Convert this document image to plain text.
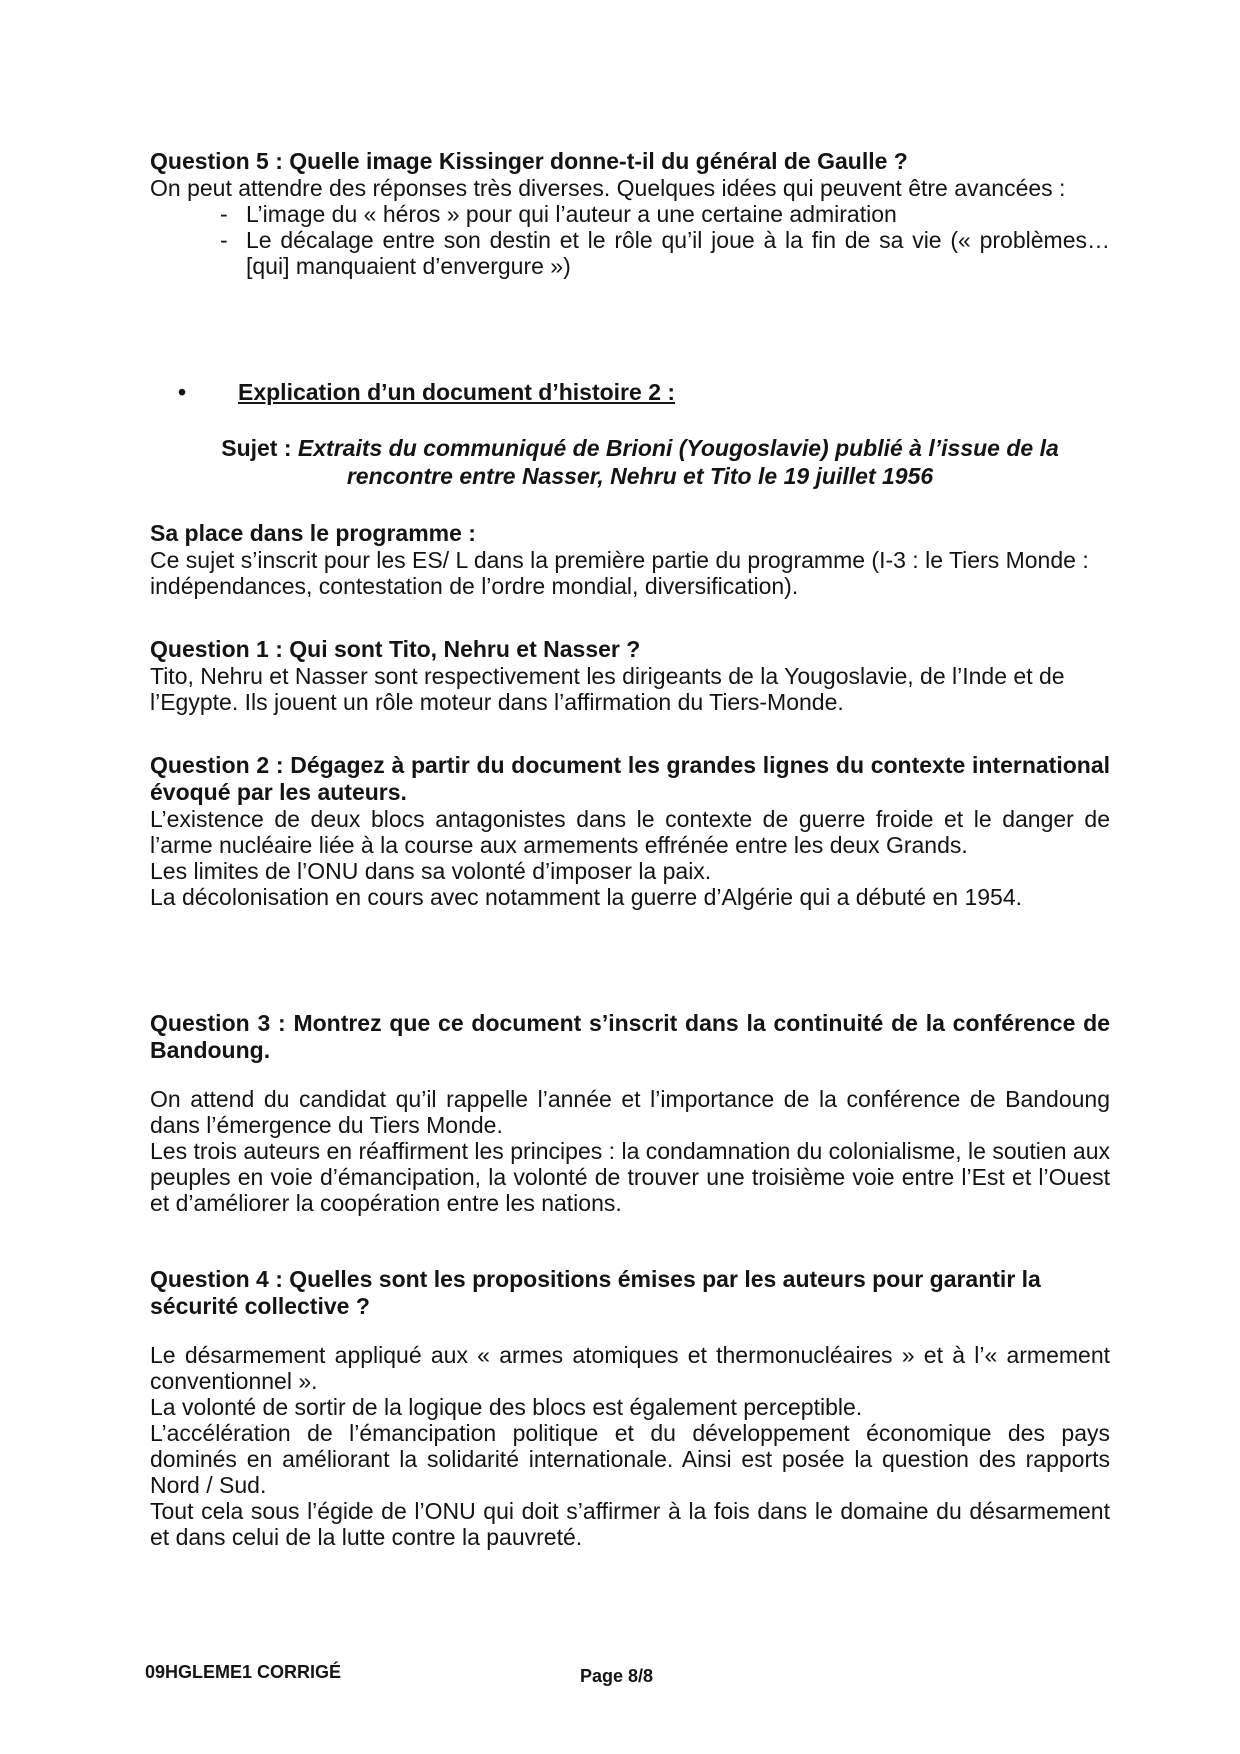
Question 5 : Quelle image Kissinger donne-t-il du général de Gaulle ?

On peut attendre des réponses très diverses. Quelques idées qui peuvent être avancées :

- L’image du « héros » pour qui l’auteur a une certaine admiration
- Le décalage entre son destin et le rôle qu’il joue à la fin de sa vie (« problèmes… [qui] manquaient d’envergure »)
• Explication d’un document d’histoire 2 :
Sujet : Extraits du communiqué de Brioni (Yougoslavie) publié à l’issue de la rencontre entre Nasser, Nehru et Tito le 19 juillet 1956

Sa place dans le programme :

Ce sujet s’inscrit pour les ES/ L dans la première partie du programme (I-3 : le Tiers Monde : indépendances, contestation de l’ordre mondial, diversification).

Question 1 : Qui sont Tito, Nehru et Nasser ?

Tito, Nehru et Nasser sont respectivement les dirigeants de la Yougoslavie, de l’Inde et de l’Egypte. Ils jouent un rôle moteur dans l’affirmation du Tiers-Monde.

Question 2 : Dégagez à partir du document les grandes lignes du contexte international évoqué par les auteurs.

L’existence de deux blocs antagonistes dans le contexte de guerre froide et le danger de l’arme nucléaire liée à la course aux armements effrénée entre les deux Grands.

Les limites de l’ONU dans sa volonté d’imposer la paix.

La décolonisation en cours avec notamment la guerre d’Algérie qui a débuté en 1954.

Question 3 : Montrez que ce document s’inscrit dans la continuité de la conférence de Bandoung.

On attend du candidat qu’il rappelle l’année et l’importance de la conférence de Bandoung dans l’émergence du Tiers Monde.

Les trois auteurs en réaffirment les principes : la condamnation du colonialisme, le soutien aux peuples en voie d’émancipation, la volonté de trouver une troisième voie entre l’Est et l’Ouest et d’améliorer la coopération entre les nations.

Question 4 : Quelles sont les propositions émises par les auteurs pour garantir la sécurité collective ?

Le désarmement appliqué aux « armes atomiques et thermonucléaires » et à l’« armement conventionnel ».

La volonté de sortir de la logique des blocs est également perceptible.

L’accélération de l’émancipation politique et du développement économique des pays dominés en améliorant la solidarité internationale. Ainsi est posée la question des rapports Nord / Sud.

Tout cela sous l’égide de l’ONU qui doit s’affirmer à la fois dans le domaine du désarmement et dans celui de la lutte contre la pauvreté.

09HGLEME1 CORRIGÉ	Page 8/8
